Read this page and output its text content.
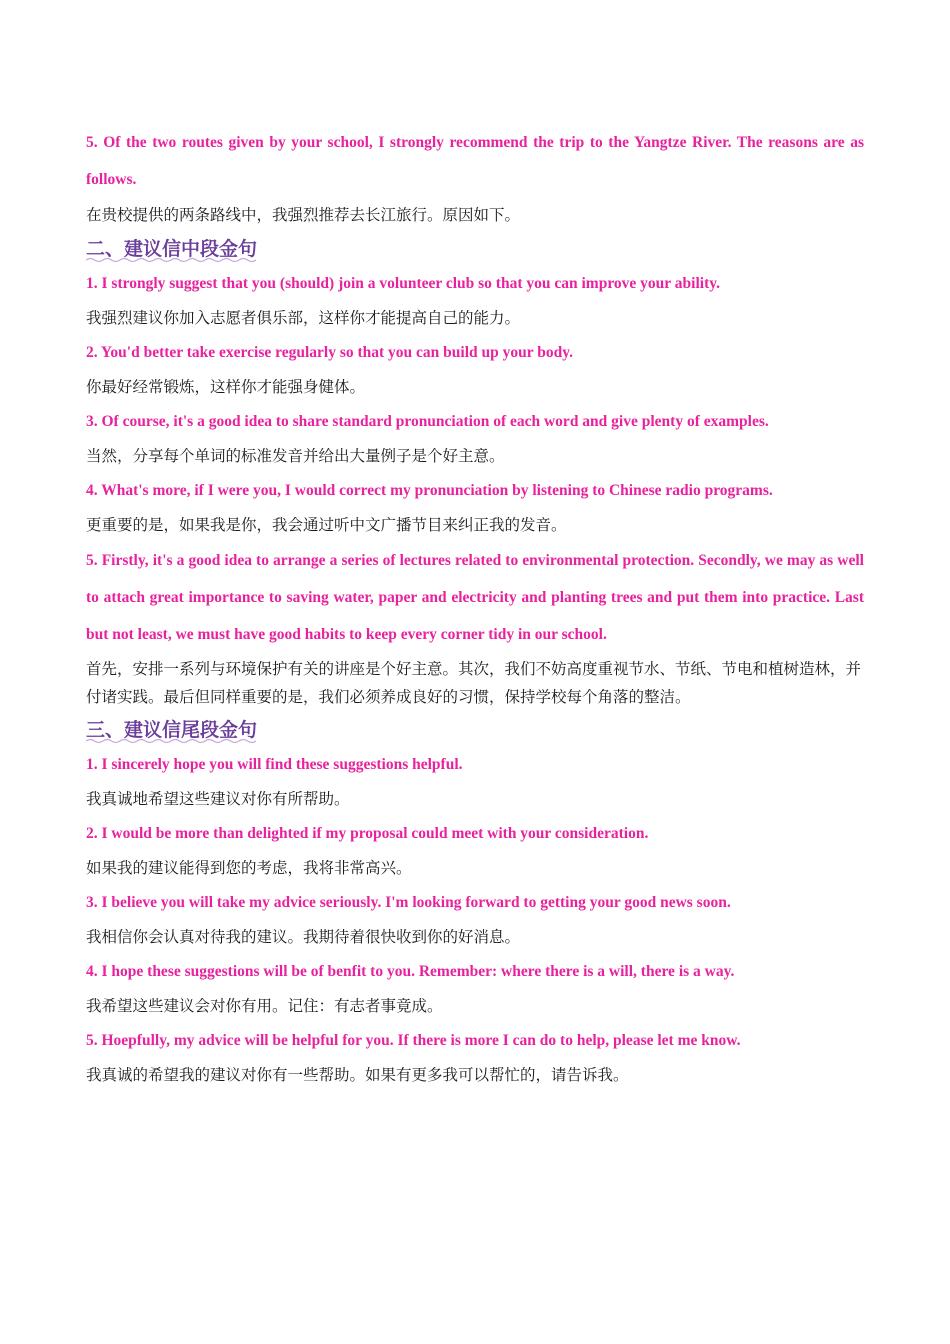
5. Of the two routes given by your school, I strongly recommend the trip to the Yangtze River. The reasons are as follows.

在贵校提供的两条路线中，我强烈推荐去长江旅行。原因如下。

二、建议信中段金句

1. I strongly suggest that you (should) join a volunteer club so that you can improve your ability.

我强烈建议你加入志愿者俱乐部，这样你才能提高自己的能力。

2. You'd better take exercise regularly so that you can build up your body.

你最好经常锻炼，这样你才能强身健体。

3. Of course, it's a good idea to share standard pronunciation of each word and give plenty of examples.

当然，分享每个单词的标准发音并给出大量例子是个好主意。

4. What's more, if I were you, I would correct my pronunciation by listening to Chinese radio programs.

更重要的是，如果我是你，我会通过听中文广播节目来纠正我的发音。

5. Firstly, it's a good idea to arrange a series of lectures related to environmental protection. Secondly, we may as well to attach great importance to saving water, paper and electricity and planting trees and put them into practice. Last but not least, we must have good habits to keep every corner tidy in our school.

首先，安排一系列与环境保护有关的讲座是个好主意。其次，我们不妨高度重视节水、节纸、节电和植树造林，并付诸实践。最后但同样重要的是，我们必须养成良好的习惯，保持学校每个角落的整洁。

三、建议信尾段金句

1. I sincerely hope you will find these suggestions helpful.

我真诚地希望这些建议对你有所帮助。

2. I would be more than delighted if my proposal could meet with your consideration.

如果我的建议能得到您的考虑，我将非常高兴。

3. I believe you will take my advice seriously. I'm looking forward to getting your good news soon.

我相信你会认真对待我的建议。我期待着很快收到你的好消息。

4. I hope these suggestions will be of benfit to you. Remember: where there is a will, there is a way.

我希望这些建议会对你有用。记住：有志者事竟成。

5. Hoepfully, my advice will be helpful for you. If there is more I can do to help, please let me know.

我真诚的希望我的建议对你有一些帮助。如果有更多我可以帮忙的，请告诉我。
